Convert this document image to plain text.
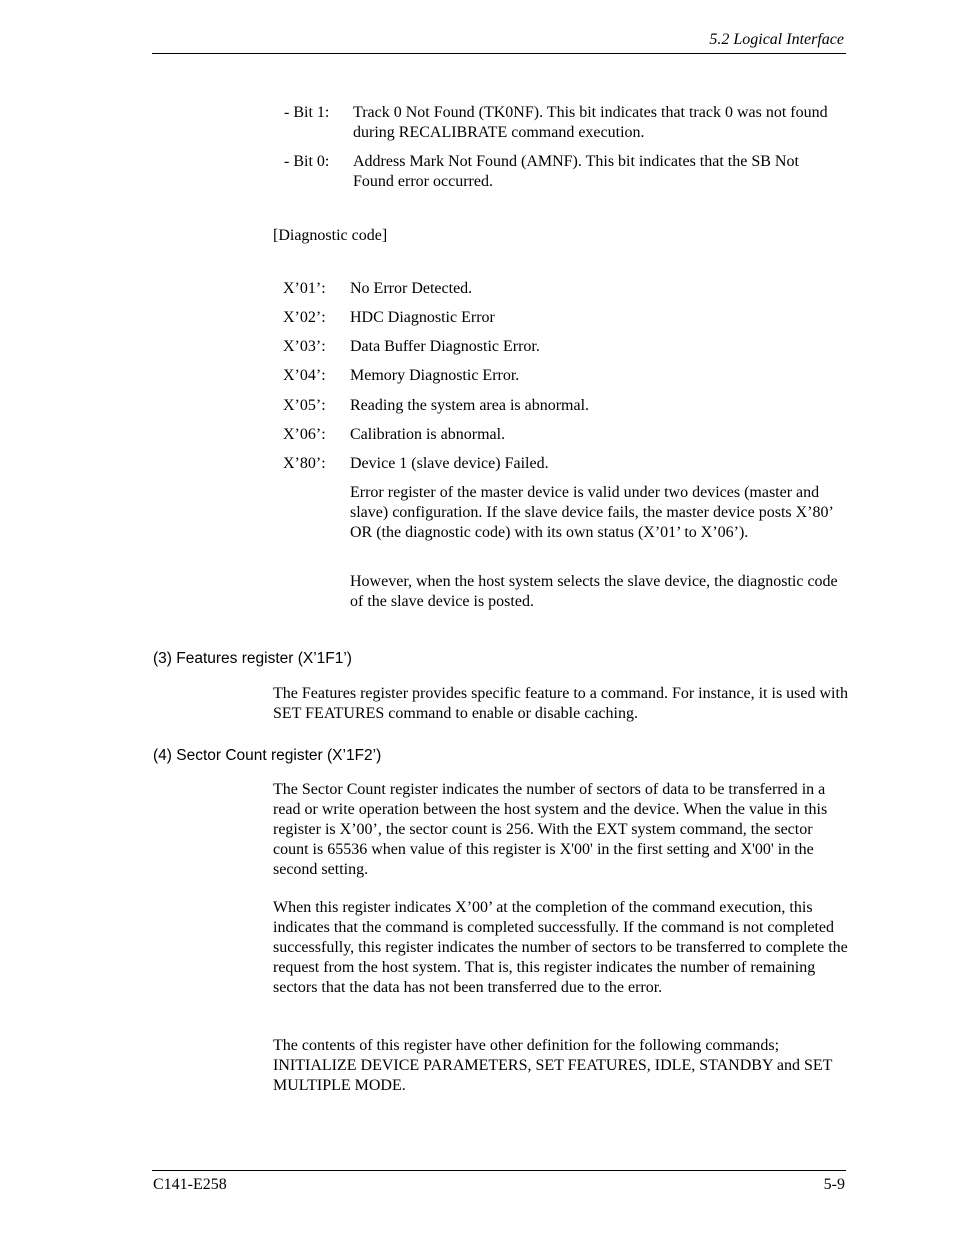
5.2 Logical Interface
- Bit 1: Track 0 Not Found (TK0NF). This bit indicates that track 0 was not found during RECALIBRATE command execution.
- Bit 0: Address Mark Not Found (AMNF). This bit indicates that the SB Not Found error occurred.
[Diagnostic code]
X’01’: No Error Detected.
X’02’: HDC Diagnostic Error
X’03’: Data Buffer Diagnostic Error.
X’04’: Memory Diagnostic Error.
X’05’: Reading the system area is abnormal.
X’06’: Calibration is abnormal.
X’80’: Device 1 (slave device) Failed.
Error register of the master device is valid under two devices (master and slave) configuration. If the slave device fails, the master device posts X’80’ OR (the diagnostic code) with its own status (X’01’ to X’06’).
However, when the host system selects the slave device, the diagnostic code of the slave device is posted.
(3) Features register (X’1F1’)
The Features register provides specific feature to a command. For instance, it is used with SET FEATURES command to enable or disable caching.
(4) Sector Count register (X’1F2’)
The Sector Count register indicates the number of sectors of data to be transferred in a read or write operation between the host system and the device. When the value in this register is X’00’, the sector count is 256. With the EXT system command, the sector count is 65536 when value of this register is X'00' in the first setting and X'00' in the second setting.
When this register indicates X’00’ at the completion of the command execution, this indicates that the command is completed successfully. If the command is not completed successfully, this register indicates the number of sectors to be transferred to complete the request from the host system. That is, this register indicates the number of remaining sectors that the data has not been transferred due to the error.
The contents of this register have other definition for the following commands; INITIALIZE DEVICE PARAMETERS, SET FEATURES, IDLE, STANDBY and SET MULTIPLE MODE.
C141-E258	5-9
